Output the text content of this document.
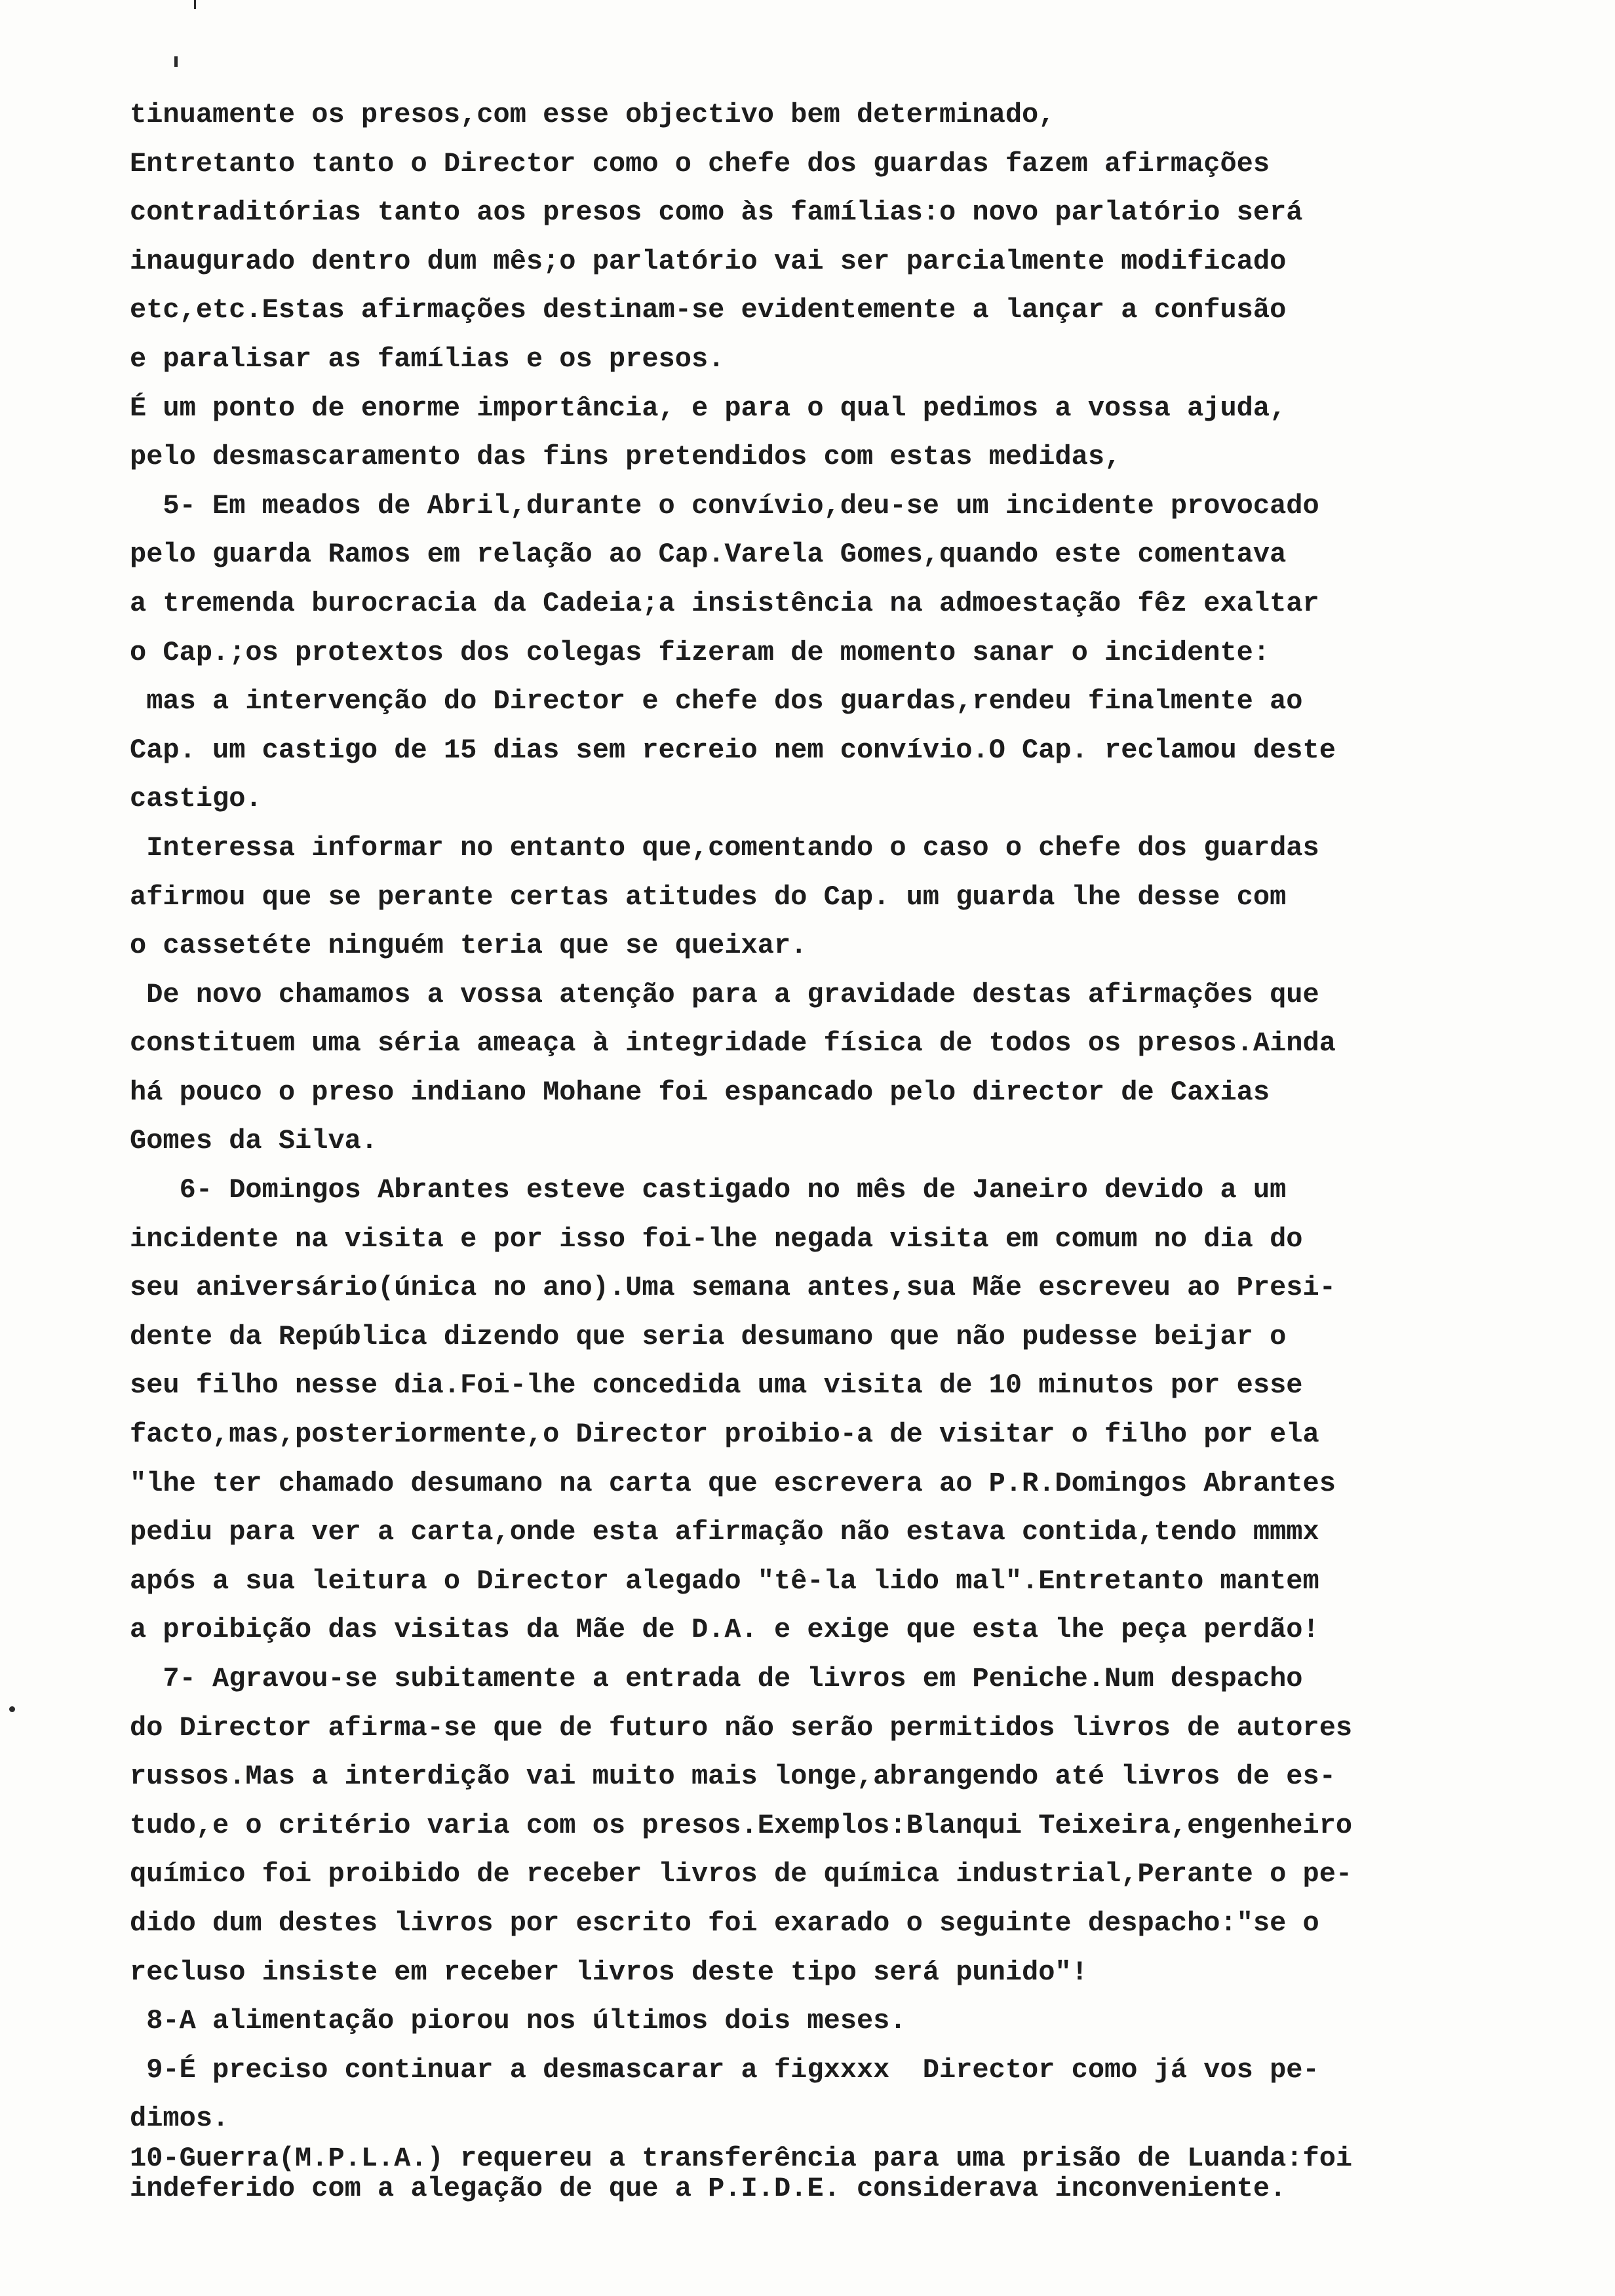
tinuamente os presos,com esse objectivo bem determinado,
Entretanto tanto o Director como o chefe dos guardas fazem afirmações
contraditórias tanto aos presos como às famílias:o novo parlatório será
inaugurado dentro dum mês;o parlatório vai ser parcialmente modificado
etc,etc.Estas afirmações destinam-se evidentemente a lançar a confusão
e paralisar as famílias e os presos.
É um ponto de enorme importância, e para o qual pedimos a vossa ajuda,
pelo desmascaramento das fins pretendidos com estas medidas,
5- Em meados de Abril,durante o convívio,deu-se um incidente provocado
pelo guarda Ramos em relação ao Cap.Varela Gomes,quando este comentava
a tremenda burocracia da Cadeia;a insistência na admoestação fêz exaltar
o Cap.;os protextos dos colegas fizeram de momento sanar o incidente:
mas a intervenção do Director e chefe dos guardas,rendeu finalmente ao
Cap. um castigo de 15 dias sem recreio nem convívio.O Cap. reclamou deste
castigo.
Interessa informar no entanto que,comentando o caso o chefe dos guardas
afirmou que se perante certas atitudes do Cap. um guarda lhe desse com
o cassetéte ninguém teria que se queixar.
De novo chamamos a vossa atenção para a gravidade destas afirmações que
constituem uma séria ameaça à integridade física de todos os presos.Ainda
há pouco o preso indiano Mohane foi espancado pelo director de Caxias
Gomes da Silva.
6- Domingos Abrantes esteve castigado no mês de Janeiro devido a um
incidente na visita e por isso foi-lhe negada visita em comum no dia do
seu aniversário(única no ano).Uma semana antes,sua Mãe escreveu ao Presi-
dente da República dizendo que seria desumano que não pudesse beijar o
seu filho nesse dia.Foi-lhe concedida uma visita de 10 minutos por esse
facto,mas,posteriormente,o Director proibio-a de visitar o filho por ela
"lhe ter chamado desumano na carta que escrevera ao P.R.Domingos Abrantes
pediu para ver a carta,onde esta afirmação não estava contida,tendo mmmx
após a sua leitura o Director alegado "tê-la lido mal".Entretanto mantem
a proibição das visitas da Mãe de D.A. e exige que esta lhe peça perdão!
7- Agravou-se subitamente a entrada de livros em Peniche.Num despacho
do Director afirma-se que de futuro não serão permitidos livros de autores
russos.Mas a interdição vai muito mais longe,abrangendo até livros de es-
tudo,e o critério varia com os presos.Exemplos:Blanqui Teixeira,engenheiro
químico foi proibido de receber livros de química industrial,Perante o pe-
dido dum destes livros por escrito foi exarado o seguinte despacho:"se o
recluso insiste em receber livros deste tipo será punido"!
8-A alimentação piorou nos últimos dois meses.
9-É preciso continuar a desmascarar a figxxxx  Director como já vos pe-
dimos.
10-Guerra(M.P.L.A.) requereu a transferência para uma prisão de Luanda:foi
indeferido com a alegação de que a P.I.D.E. considerava inconveniente.
